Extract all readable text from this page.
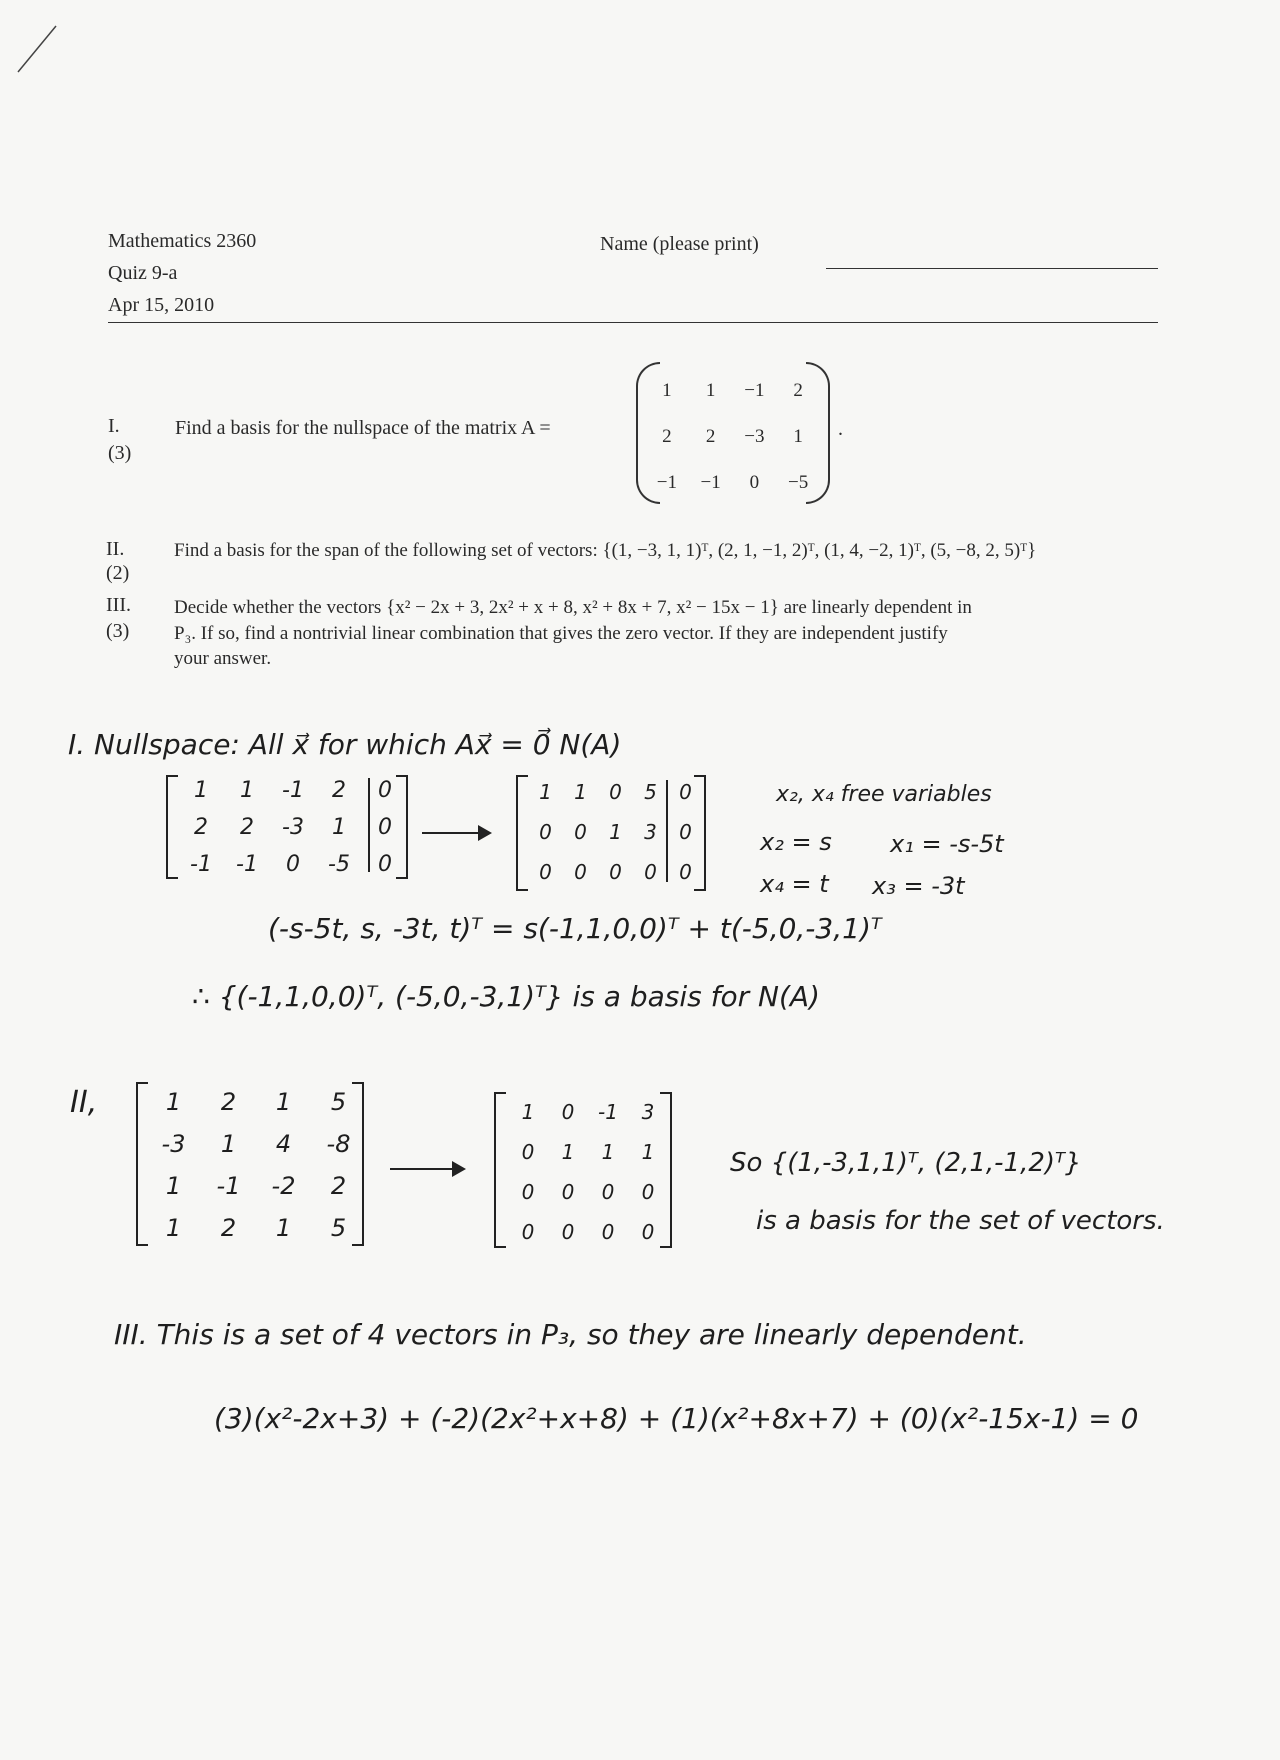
Mathematics 2360
Quiz 9-a
Apr 15, 2010
Name (please print)
I.
(3)
Find a basis for the nullspace of the matrix A =
1	1	−1	2
2	2	−3	1
−1	−1	0	−5
.
II.
(2)
Find a basis for the span of the following set of vectors: {(1, −3, 1, 1)ᵀ, (2, 1, −1, 2)ᵀ, (1, 4, −2, 1)ᵀ, (5, −8, 2, 5)ᵀ}
III.
(3)
Decide whether the vectors {x² − 2x + 3, 2x² + x + 8, x² + 8x + 7, x² − 15x − 1} are linearly dependent in
P₃. If so, find a nontrivial linear combination that gives the zero vector. If they are independent justify
your answer.
I. Nullspace: All x⃗ for which Ax⃗ = 0⃗ N(A)
1	1	-1	2	0
2	2	-3	1	0
-1	-1	0	-5	0
1	1	0	5	0
0	0	1	3	0
0	0	0	0	0
x₂, x₄ free variables
x₂ = s
x₄ = t
x₁ = -s-5t
x₃ = -3t
(-s-5t, s, -3t, t)ᵀ = s(-1,1,0,0)ᵀ + t(-5,0,-3,1)ᵀ
∴ {(-1,1,0,0)ᵀ, (-5,0,-3,1)ᵀ} is a basis for N(A)
II,	1	2	1	5
-3	1	4	-8
1	-1	-2	2
1	2	1	5
1	0	-1	3
0	1	1	1
0	0	0	0
0	0	0	0
So {(1,-3,1,1)ᵀ, (2,1,-1,2)ᵀ}
is a basis for the set of vectors.
III. This is a set of 4 vectors in P₃, so they are linearly dependent.
(3)(x²-2x+3) + (-2)(2x²+x+8) + (1)(x²+8x+7) + (0)(x²-15x-1) = 0
